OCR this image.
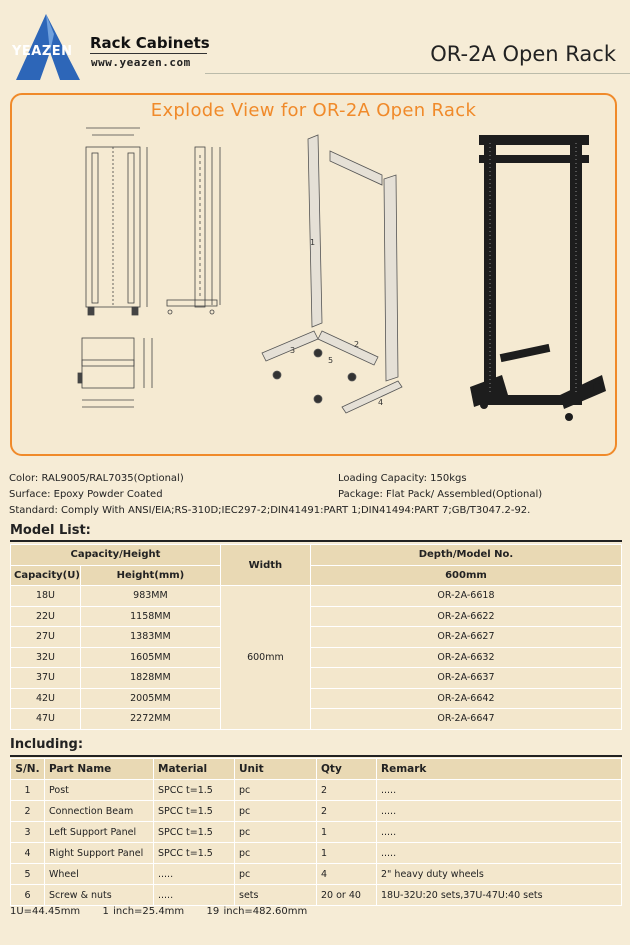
YEAZEN Rack Cabinets
www.yeazen.com	OR-2A Open Rack
Explode View for OR-2A Open Rack
1
2
3
4
5
Color: RAL9005/RAL7035(Optional)	Loading Capacity: 150kgs
Surface: Epoxy Powder Coated	Package: Flat Pack/ Assembled(Optional)
Standard: Comply With ANSI/EIA;RS-310D;IEC297-2;DIN41491:PART 1;DIN41494:PART 7;GB/T3047.2-92.
Model List:
Capacity/Height		Width	Depth/Model No.
Capacity(U)	Height(mm)		600mm
18U	983MM	600mm	OR-2A-6618
22U	1158MM		OR-2A-6622
27U	1383MM		OR-2A-6627
32U	1605MM		OR-2A-6632
37U	1828MM		OR-2A-6637
42U	2005MM		OR-2A-6642
47U	2272MM		OR-2A-6647
Including:
S/N.	Part Name	Material	Unit	Qty	Remark
1	Post	SPCC t=1.5	pc	2	.....
2	Connection Beam	SPCC t=1.5	pc	2	.....
3	Left Support Panel	SPCC t=1.5	pc	1	.....
4	Right Support Panel	SPCC t=1.5	pc	1	.....
5	Wheel	.....	pc	4	2" heavy duty wheels
6	Screw & nuts	.....	sets	20 or 40	18U-32U:20 sets,37U-47U:40 sets
1U=44.45mm 1 inch=25.4mm 19 inch=482.60mm
